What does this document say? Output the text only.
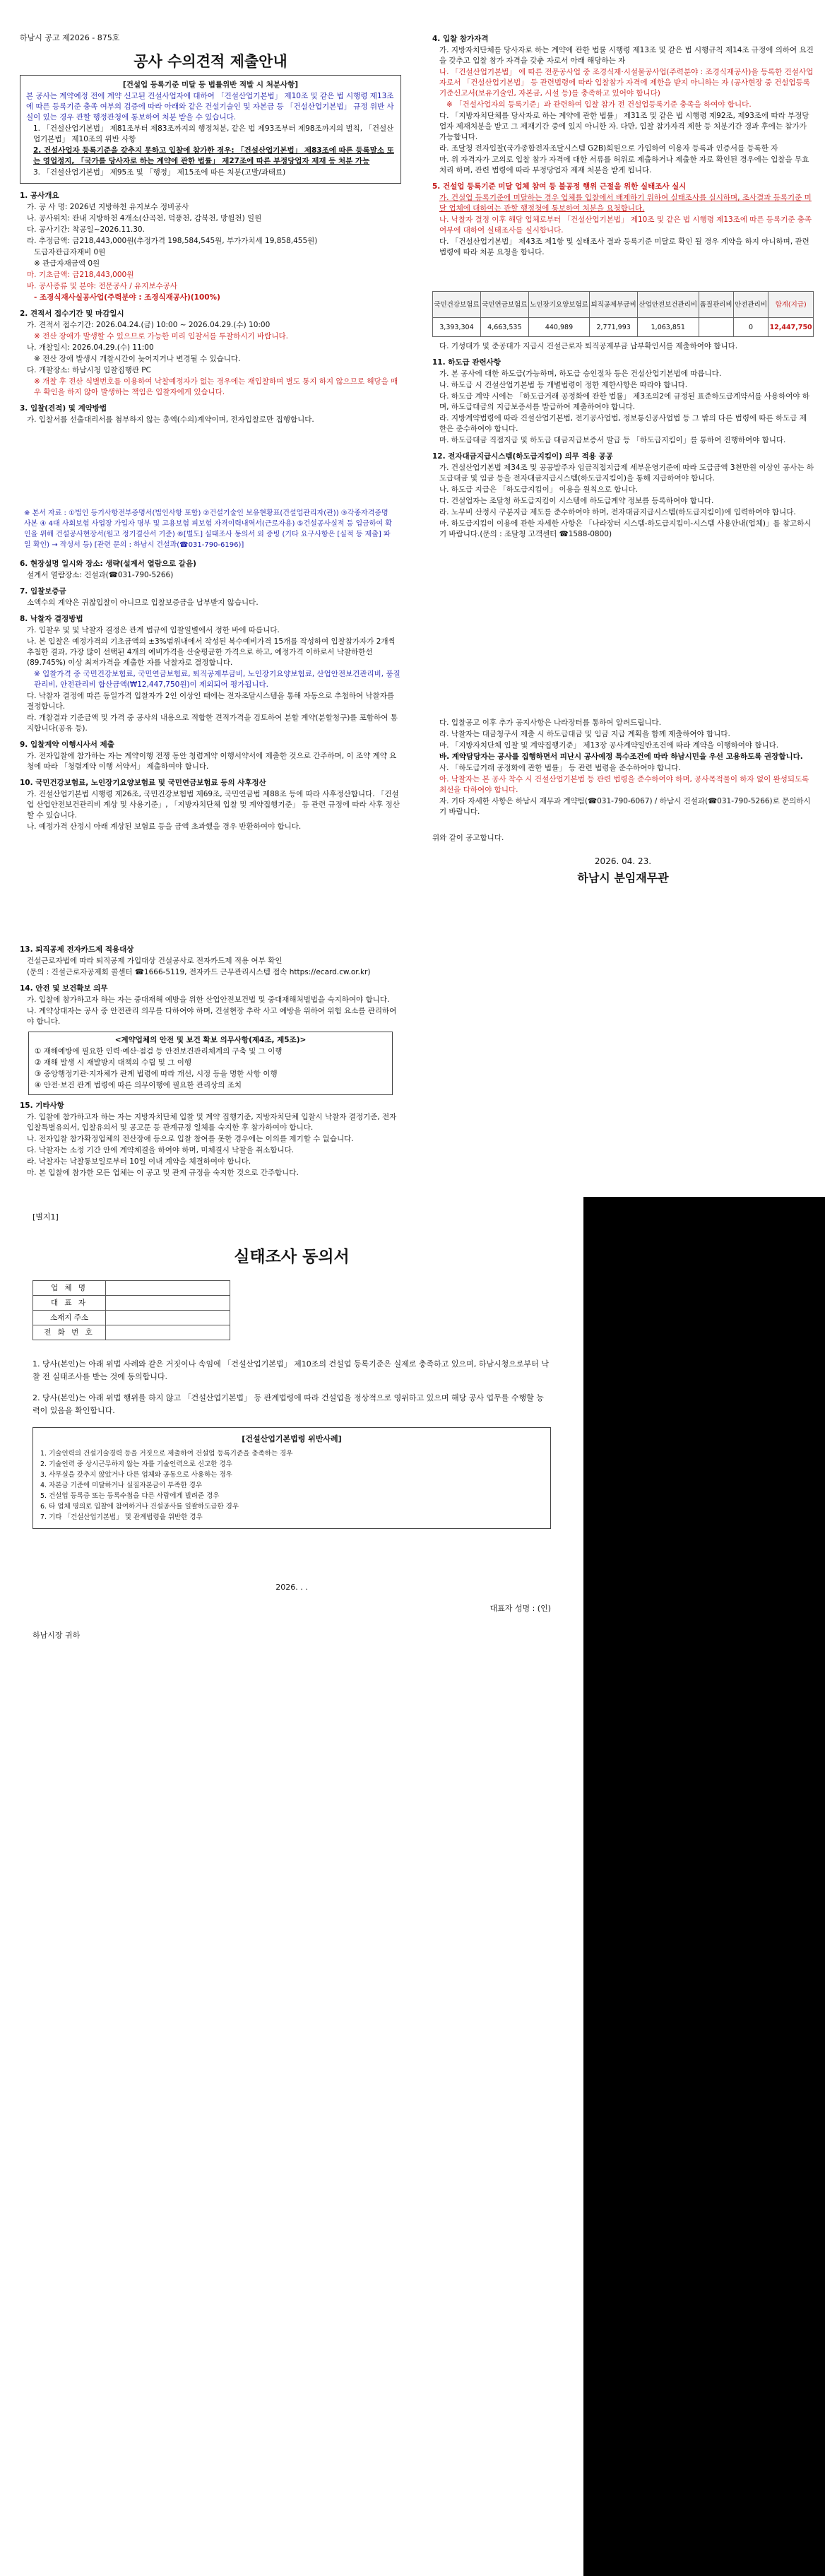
하남시 공고 제2026 - 875호
공사 수의견적 제출안내
[건설업 등록기준 미달 등 법률위반 적발 시 처분사항]
본 공사는 계약예정 전에 계약 신고된 건설사업자에 대하여 「건설산업기본법」 제10조 및 같은 법 시행령 제13조에 따른 등록기준 충족 여부의 검증에 따라 아래와 같은 건설기술인 및 자본금 등 「건설산업기본법」 규정 위반 사실이 있는 경우 관할 행정관청에 통보하여 처분 받을 수 있습니다.
1. 「건설산업기본법」 제81조부터 제83조까지의 행정처분, 같은 법 제93조부터 제98조까지의 벌칙, 「건설산업기본법」 제10조의 위반 사항
2. 건설사업자 등록기준을 갖추지 못하고 입찰에 참가한 경우: 「건설산업기본법」 제83조에 따른 등록말소 또는 영업정지, 「국가를 당사자로 하는 계약에 관한 법률」 제27조에 따른 부정당업자 제재 등 처분 가능
3. 「건설산업기본법」 제95조 및 「행정」 제15조에 따른 처분(고발/과태료)
1. 공사개요
가. 공 사 명: 2026년 지방하천 유지보수 정비공사
나. 공사위치: 관내 지방하천 4개소(산곡천, 덕풍천, 감북천, 망월천) 일원
다. 공사기간: 착공일~2026.11.30.
라. 추정금액: 금218,443,000원(추정가격 198,584,545원, 부가가치세 19,858,455원)
도급자관급자재비 0원
※ 관급자재금액 0원
마. 기초금액: 금218,443,000원
바. 공사종류 및 분야: 전문공사 / 유지보수공사
- 조경식재사실공사업(주력분야 : 조경식재공사)(100%)
2. 견적서 접수기간 및 마감일시
가. 견적서 접수기간: 2026.04.24.(금) 10:00 ~ 2026.04.29.(수) 10:00
※ 전산 장애가 발생할 수 있으므로 가능한 미리 입찰서를 투찰하시기 바랍니다.
나. 개찰일시: 2026.04.29.(수) 11:00
※ 전산 장애 발생시 개찰시간이 늦어지거나 변경될 수 있습니다.
다. 개찰장소: 하남시청 입찰집행관 PC
※ 개찰 후 전산 식별번호를 이용하여 낙찰예정자가 없는 경우에는 재입찰하며 별도 통지 하지 않으므로 해당을 매우 확인을 하지 않아 발생하는 책임은 입찰자에게 있습니다.
3. 입찰(견적) 및 계약방법
가. 입찰서를 선출대리서를 첨부하지 않는 총액(수의)계약이며, 전자입찰로만 집행합니다.
※ 본서 자료 : ①법인 등기사항전부증명서(법인사항 포함) ②건설기술인 보유현황표(건설업관리자(관)) ③각종자격증명 사본 ④ 4대 사회보험 사업장 가입자 명부 및 고용보험 피보험 자격이력내역서(근로자용) ⑤건설공사실적 등 입금하여 확인을 위해 건설공사현장서(원고 정기결산서 기준) ⑥[별도] 실태조사 동의서 외 증빙 (기타 요구사항은 [실적 등 제출] 파일 확인) → 작성서 등) [관련 문의 : 하남시 건설과(☎031-790-6196)]
6. 현장설명 일시와 장소: 생략(설계서 열람으로 갈음)
설계서 열람장소: 건설과(☎031-790-5266)
7. 입찰보증금
소액수의 계약은 귀찮입찰이 아니므로 입찰보증금을 납부받지 않습니다.
8. 낙찰자 결정방법
가. 입찰우 및 및 낙찰자 결정은 관계 법규에 입찰일별에서 정한 바에 따릅니다.
나. 본 입찰은 예정가격의 기초금액의 ±3%범위내에서 작성된 복수예비가격 15개를 작성하여 입찰참가자가 2개씩 추첨한 결과, 가장 많이 선택된 4개의 예비가격을 산술평균한 가격으로 하고, 예정가격 이하로서 낙찰하한선(89.745%) 이상 최저가격을 제출한 자를 낙찰자로 결정합니다.
※ 입찰가격 중 국민건강보험료, 국민연금보험료, 퇴직공제부금비, 노인장기요양보험료, 산업안전보건관리비, 품질관리비, 안전관리비 합산금액(₩12,447,750원)이 제외되어 평가됩니다.
다. 낙찰자 결정에 따른 동일가격 입찰자가 2인 이상인 때에는 전자조달시스템을 통해 자동으로 추첨하여 낙찰자를 결정합니다.
라. 개찰결과 기준금액 및 가격 중 공사의 내용으로 적합한 견적가격을 검토하여 분할 계약(분할청구)를 포함하여 통지합니다(공유 등).
9. 입찰계약 이행시사서 제출
가. 전자입찰에 참가하는 자는 계약이행 전쟁 동안 청렴계약 이행서약서에 제출한 것으로 간주하며, 이 조약 계약 요청에 따라 「청렴계약 이행 서약서」 제출하여야 합니다.
10. 국민건강보험료, 노인장기요양보험료 및 국민연금보험료 등의 사후정산
가. 건설산업기본법 시행령 제26조, 국민건강보험법 제69조, 국민연금법 제88조 등에 따라 사후정산합니다. 「건설업 산업안전보건관리비 계상 및 사용기준」, 「지방자치단체 입찰 및 계약집행기준」 등 관련 규정에 따라 사후 정산할 수 있습니다.
나. 예정가격 산정시 아래 계상된 보험료 등을 금액 초과했을 경우 반환하여야 합니다.
13. 퇴직공제 전자카드제 적용대상
건설근로자법에 따라 퇴직공제 가입대상 건설공사로 전자카드제 적용 여부 확인
(문의 : 건설근로자공제회 콜센터 ☎1666-5119, 전자카드 근무관리시스템 접속 https://ecard.cw.or.kr)
14. 안전 및 보건확보 의무
가. 입찰에 참가하고자 하는 자는 중대재해 예방을 위한 산업안전보건법 및 중대재해처벌법을 숙지하여야 합니다.
나. 계약상대자는 공사 중 안전관리 의무를 다하여야 하며, 건설현장 추락 사고 예방을 위하여 위험 요소를 관리하여야 합니다.
<계약업체의 안전 및 보건 확보 의무사항(제4조, 제5조)>
① 재해예방에 필요한 인력·예산·점검 등 안전보건관리체계의 구축 및 그 이행
② 재해 발생 시 재발방지 대책의 수립 및 그 이행
③ 중앙행정기관·지자체가 관계 법령에 따라 개선, 시정 등을 명한 사항 이행
④ 안전·보건 관계 법령에 따른 의무이행에 필요한 관리상의 조치
15. 기타사항
가. 입찰에 참가하고자 하는 자는 지방자치단체 입찰 및 계약 집행기준, 지방자치단체 입찰시 낙찰자 결정기준, 전자입찰특별유의서, 입찰유의서 및 공고문 등 관계규정 일체를 숙지한 후 참가하여야 합니다.
나. 전자입찰 참가확정업체의 전산장애 등으로 입찰 참여를 못한 경우에는 이의를 제기할 수 없습니다.
다. 낙찰자는 소정 기간 안에 계약체결을 하여야 하며, 미체결시 낙찰을 취소합니다.
라. 낙찰자는 낙찰통보일로부터 10일 이내 계약을 체결하여야 합니다.
마. 본 입찰에 참가한 모든 업체는 이 공고 및 관계 규정을 숙지한 것으로 간주합니다.
4. 입찰 참가자격
가. 지방자치단체를 당사자로 하는 계약에 관한 법률 시행령 제13조 및 같은 법 시행규칙 제14조 규정에 의하여 요건을 갖추고 입찰 참가 자격을 갖춘 자로서 아래 해당하는 자
나. 「건설산업기본법」 에 따른 전문공사업 중 조경식재·시설물공사업(주력분야 : 조경식재공사)을 등록한 건설사업자로서 「건설산업기본법」 등 관련법령에 따라 입찰참가 자격에 제한을 받지 아니하는 자 (공사현장 중 건설업등록기준신고서(보유기술인, 자본금, 시설 등)를 충족하고 있어야 합니다)
※ 「건설사업자의 등록기준」과 관련하여 입찰 참가 전 건설업등록기준 충족을 하여야 합니다.
다. 「지방자치단체를 당사자로 하는 계약에 관한 법률」 제31조 및 같은 법 시행령 제92조, 제93조에 따라 부정당업자 제재처분을 받고 그 제재기간 중에 있지 아니한 자. 다만, 입찰 참가자격 제한 등 처분기간 경과 후에는 참가가 가능합니다.
라. 조달청 전자입찰(국가종합전자조달시스템 G2B)회원으로 가입하여 이용자 등록과 인증서를 등록한 자
마. 위 자격자가 고의로 입찰 참가 자격에 대한 서류를 허위로 제출하거나 제출한 자로 확인된 경우에는 입찰을 무효 처리 하며, 관련 법령에 따라 부정당업자 제재 처분을 받게 됩니다.
5. 건설업 등록기준 미달 업체 참여 등 불공정 행위 근절을 위한 실태조사 실시
가. 건설업 등록기준에 미달하는 경우 업체를 입찰에서 배제하기 위하여 실태조사를 실시하며, 조사결과 등록기준 미달 업체에 대하여는 관할 행정청에 통보하여 처분을 요청합니다.
나. 낙찰자 결정 이후 해당 업체로부터 「건설산업기본법」 제10조 및 같은 법 시행령 제13조에 따른 등록기준 충족 여부에 대하여 실태조사를 실시합니다.
다. 「건설산업기본법」 제43조 제1항 및 실태조사 결과 등록기준 미달로 확인 될 경우 계약을 하지 아니하며, 관련 법령에 따라 처분 요청을 합니다.
국민건강보험료	국민연금보험료	노인장기요양보험료	퇴직공제부금비	산업안전보건관리비	품질관리비	안전관리비	합계(지급)
3,393,304	4,663,535	440,989	2,771,993	1,063,851		0	12,447,750
다. 기성대가 및 준공대가 지급시 건설근로자 퇴직공제부금 납부확인서를 제출하여야 합니다.
11. 하도급 관련사항
가. 본 공사에 대한 하도급(가능하며, 하도급 승인절차 등은 건설산업기본법에 따릅니다.
나. 하도급 시 건설산업기본법 등 개별법령이 정한 제한사항은 따라야 합니다.
다. 하도급 계약 시에는 「하도급거래 공정화에 관한 법률」 제3조의2에 규정된 표준하도급계약서를 사용하여야 하며, 하도급대금의 지급보증서를 발급하여 제출하여야 합니다.
라. 지방계약법령에 따라 건설산업기본법, 전기공사업법, 정보통신공사업법 등 그 밖의 다른 법령에 따른 하도급 제한은 준수하여야 합니다.
마. 하도급대금 직접지급 및 하도급 대금지급보증서 발급 등 「하도급지킴이」를 통하여 진행하여야 합니다.
12. 전자대금지급시스템(하도급지킴이) 의무 적용 공공
가. 건설산업기본법 제34조 및 공공발주자 임금직접지급제 세부운영기준에 따라 도급금액 3천만원 이상인 공사는 하도급대금 및 임금 등을 전자대금지급시스템(하도급지킴이)을 통해 지급하여야 합니다.
나. 하도급 지급은 「하도급지킴이」 이용을 원칙으로 합니다.
다. 건설업자는 조달청 하도급지킴이 시스템에 하도급계약 정보를 등록하여야 합니다.
라. 노무비 산정시 구분지급 제도를 준수하여야 하며, 전자대금지급시스템(하도급지킴이)에 입력하여야 합니다.
마. 하도급지킴이 이용에 관한 자세한 사항은 「나라장터 시스템-하도급지킴이-시스템 사용안내(업체)」를 참고하시기 바랍니다.(문의 : 조달청 고객센터 ☎1588-0800)
다. 입찰공고 이후 추가 공지사항은 나라장터를 통하여 알려드립니다.
라. 낙찰자는 대금청구서 제출 시 하도급대금 및 임금 지급 계획을 함께 제출하여야 합니다.
마. 「지방자치단체 입찰 및 계약집행기준」 제13장 공사계약일반조건에 따라 계약을 이행하여야 합니다.
바. 계약담당자는 공사를 집행하면서 피난시 공사예정 특수조건에 따라 하남시민을 우선 고용하도록 권장합니다.
사. 「하도급거래 공정화에 관한 법률」 등 관련 법령을 준수하여야 합니다.
아. 낙찰자는 본 공사 착수 시 건설산업기본법 등 관련 법령을 준수하여야 하며, 공사목적물이 하자 없이 완성되도록 최선을 다하여야 합니다.
자. 기타 자세한 사항은 하남시 재무과 계약팀(☎031-790-6067) / 하남시 건설과(☎031-790-5266)로 문의하시기 바랍니다.
위와 같이 공고합니다.
2026. 04. 23.
하남시 분임재무관
[별지1]
실태조사 동의서
업 체 명	
대 표 자	
소재지 주소	
전 화 번 호	
1. 당사(본인)는 아래 위법 사례와 같은 거짓이나 속임에 「건설산업기본법」 제10조의 건설업 등록기준은 실제로 충족하고 있으며, 하남시청으로부터 낙찰 전 실태조사를 받는 것에 동의합니다.
2. 당사(본인)는 아래 위법 행위를 하지 않고 「건설산업기본법」 등 관계법령에 따라 건설업을 정상적으로 영위하고 있으며 해당 공사 업무를 수행할 능력이 있음을 확인합니다.
[건설산업기본법령 위반사례]
1. 기술인력의 건설기술경력 등을 거짓으로 제출하여 건설업 등록기준을 충족하는 경우
2. 기술인력 중 상시근무하지 않는 자를 기술인력으로 신고한 경우
3. 사무실을 갖추지 않았거나 다른 업체와 공동으로 사용하는 경우
4. 자본금 기준에 미달하거나 실질자본금이 부족한 경우
5. 건설업 등록증 또는 등록수첩을 다른 사람에게 빌려준 경우
6. 타 업체 명의로 입찰에 참여하거나 건설공사를 일괄하도급한 경우
7. 기타 「건설산업기본법」 및 관계법령을 위반한 경우
2026. . .
대표자 성명 : (인)
하남시장 귀하
